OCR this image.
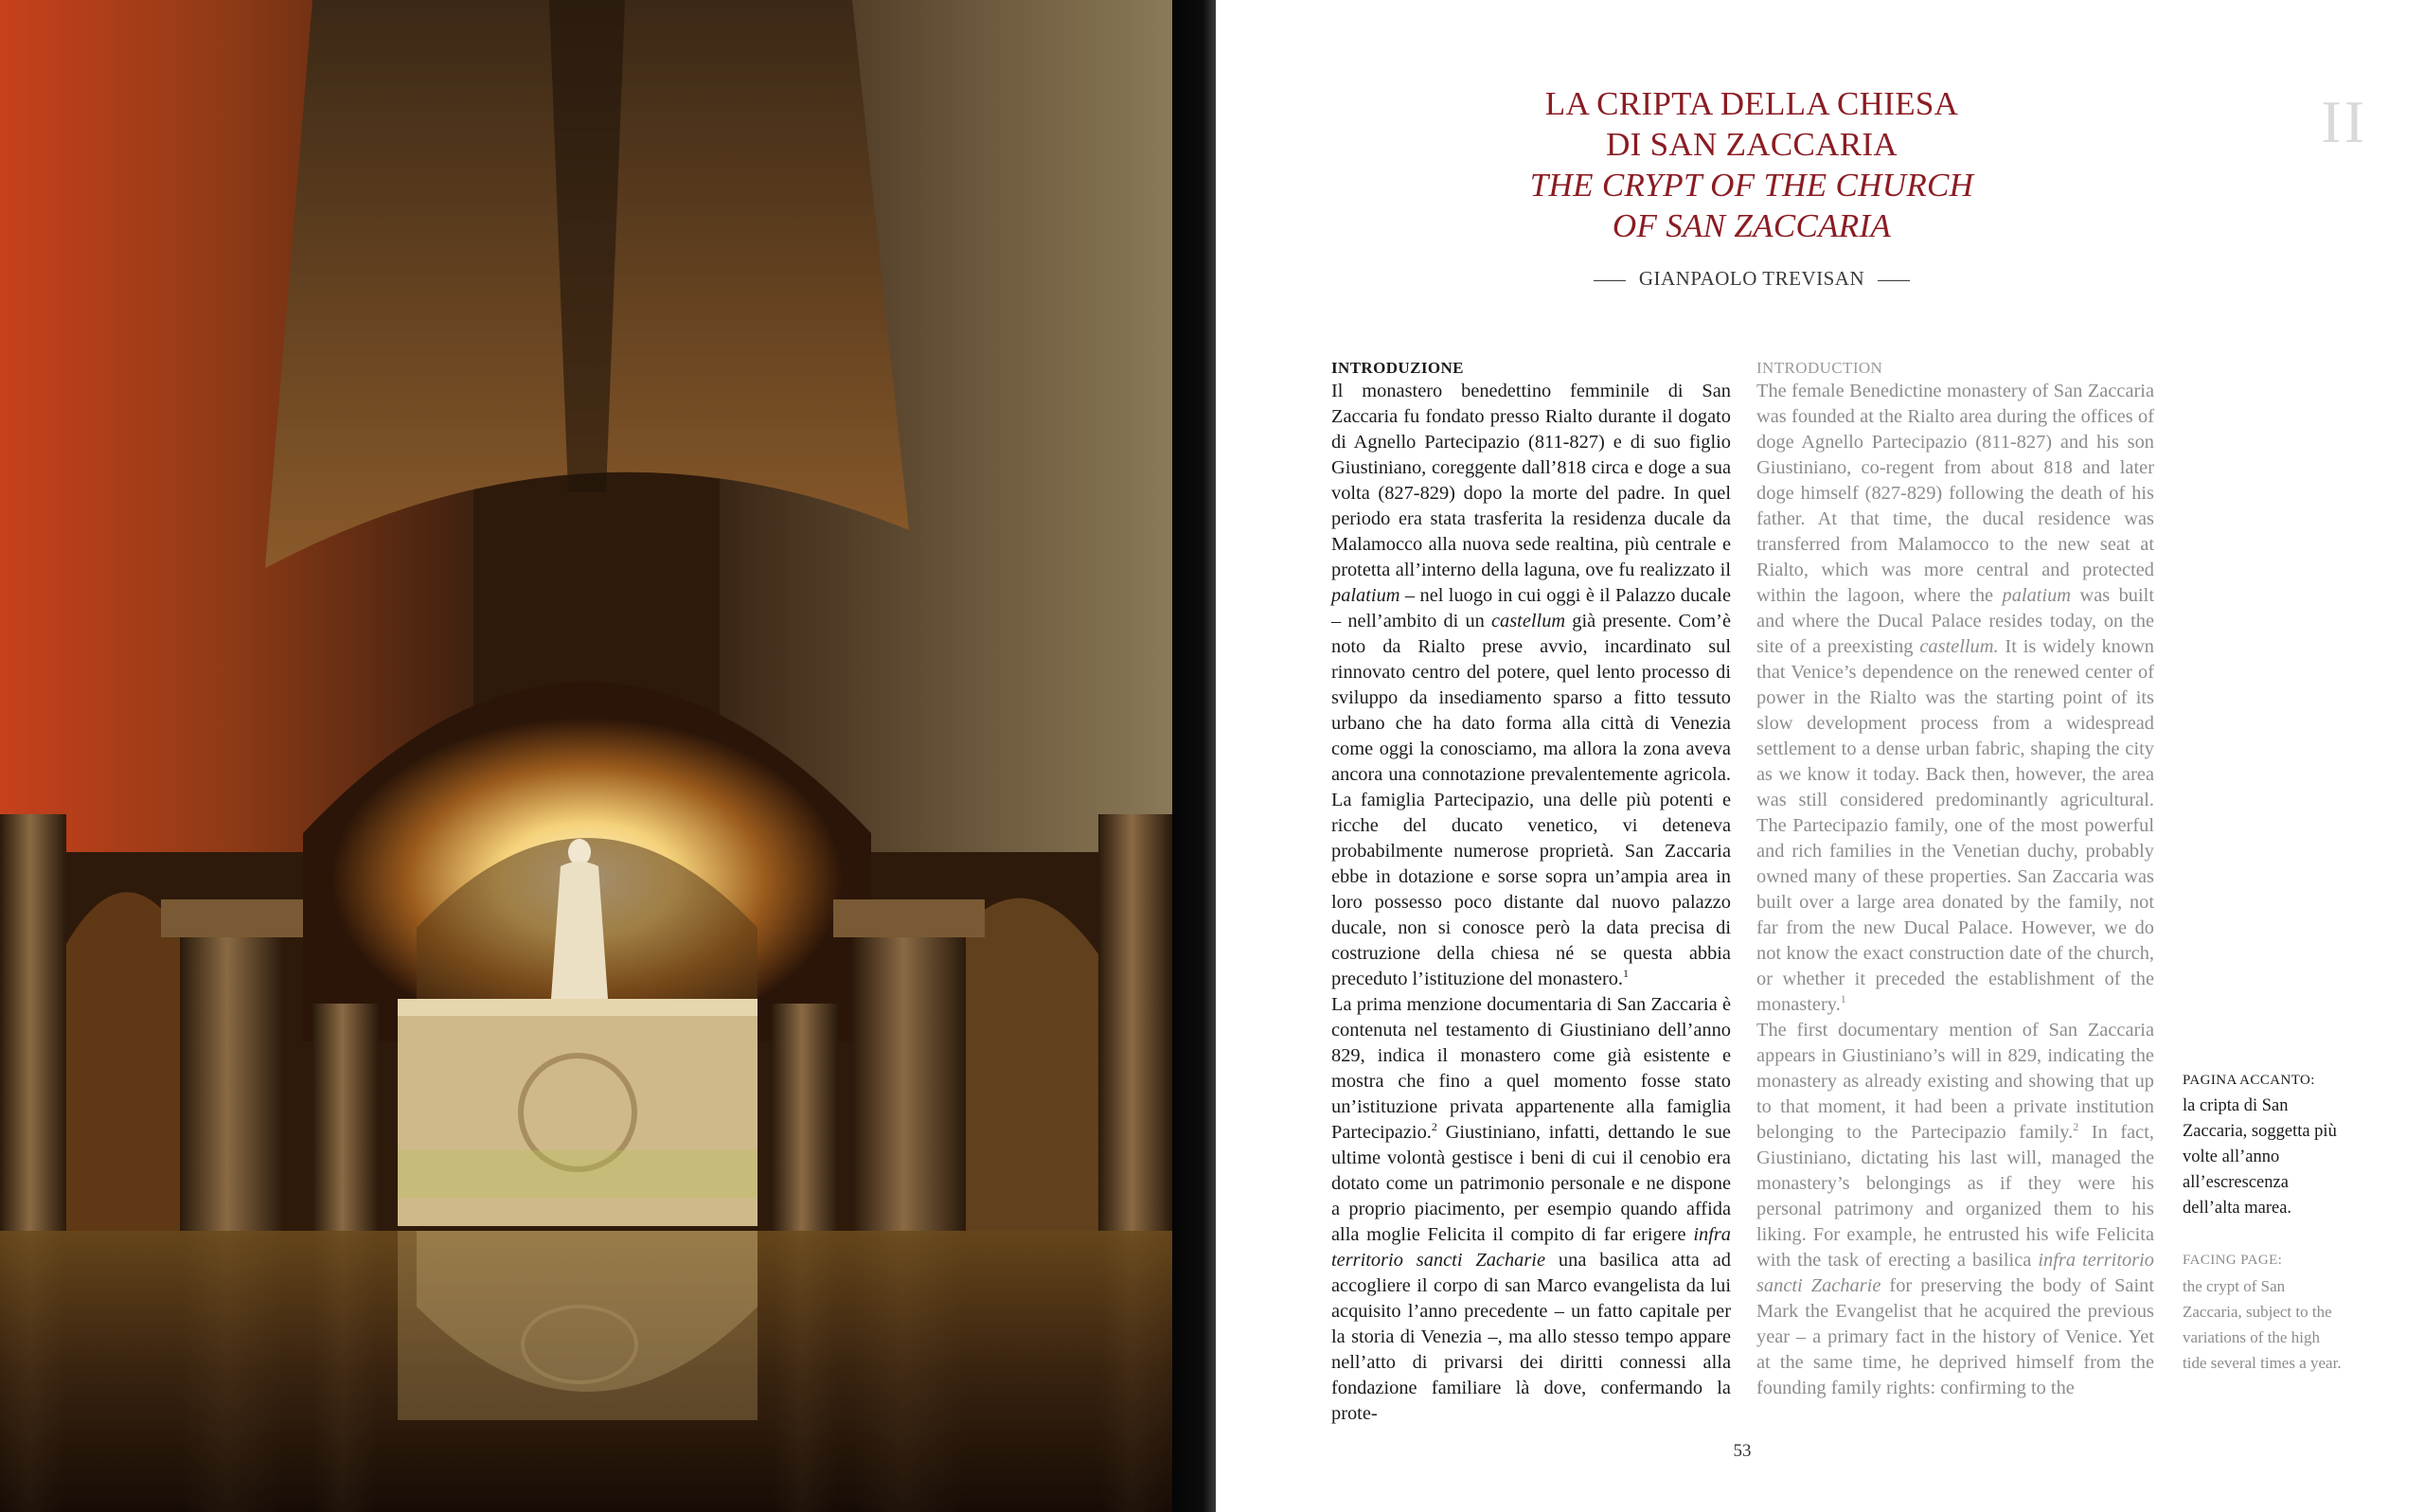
LA CRIPTA DELLA CHIESA
DI SAN ZACCARIA
THE CRYPT OF THE CHURCH
OF SAN ZACCARIA
GIANPAOLO TREVISAN
II
INTRODUZIONE

Il monastero benedettino femminile di San Zaccaria fu fondato presso Rialto durante il dogato di Agnello Partecipazio (811-827) e di suo figlio Giustiniano, coreggente dall’818 circa e doge a sua volta (827-829) dopo la morte del padre. In quel periodo era stata trasferita la residenza ducale da Malamocco alla nuova sede realtina, più centrale e protetta all’interno della laguna, ove fu realizzato il palatium – nel luogo in cui oggi è il Palazzo ducale – nell’ambito di un castellum già presente. Com’è noto da Rialto prese avvio, incardinato sul rinnovato centro del potere, quel lento processo di sviluppo da insediamento sparso a fitto tessuto urbano che ha dato forma alla città di Venezia come oggi la conosciamo, ma allora la zona aveva ancora una connotazione prevalentemente agricola. La famiglia Partecipazio, una delle più potenti e ricche del ducato venetico, vi deteneva probabilmente numerose proprietà. San Zaccaria ebbe in dotazione e sorse sopra un’ampia area in loro possesso poco distante dal nuovo palazzo ducale, non si conosce però la data precisa di costruzione della chiesa né se questa abbia preceduto l’istituzione del monastero.$^1$

La prima menzione documentaria di San Zaccaria è contenuta nel testamento di Giustiniano dell’anno 829, indica il monastero come già esistente e mostra che fino a quel momento fosse stato un’istituzione privata appartenente alla famiglia Partecipazio.$^2$ Giustiniano, infatti, dettando le sue ultime volontà gestisce i beni di cui il cenobio era dotato come un patrimonio personale e ne dispone a proprio piacimento, per esempio quando affida alla moglie Felicita il compito di far erigere infra territorio sancti Zacharie una basilica atta ad accogliere il corpo di san Marco evangelista da lui acquisito l’anno precedente – un fatto capitale per la storia di Venezia –, ma allo stesso tempo appare nell’atto di privarsi dei diritti connessi alla fondazione familiare là dove, confermando la prote-

INTRODUCTION

The female Benedictine monastery of San Zaccaria was founded at the Rialto area during the offices of doge Agnello Partecipazio (811-827) and his son Giustiniano, co-regent from about 818 and later doge himself (827-829) following the death of his father. At that time, the ducal residence was transferred from Malamocco to the new seat at Rialto, which was more central and protected within the lagoon, where the palatium was built and where the Ducal Palace resides today, on the site of a preexisting castellum. It is widely known that Venice’s dependence on the renewed center of power in the Rialto was the starting point of its slow development process from a widespread settlement to a dense urban fabric, shaping the city as we know it today. Back then, however, the area was still considered predominantly agricultural. The Partecipazio family, one of the most powerful and rich families in the Venetian duchy, probably owned many of these properties. San Zaccaria was built over a large area donated by the family, not far from the new Ducal Palace. However, we do not know the exact construction date of the church, or whether it preceded the establishment of the monastery.$^1$

The first documentary mention of San Zaccaria appears in Giustiniano’s will in 829, indicating the monastery as already existing and showing that up to that moment, it had been a private institution belonging to the Partecipazio family.$^2$ In fact, Giustiniano, dictating his last will, managed the monastery’s belongings as if they were his personal patrimony and organized them to his liking. For example, he entrusted his wife Felicita with the task of erecting a basilica infra territorio sancti Zacharie for preserving the body of Saint Mark the Evangelist that he acquired the previous year – a primary fact in the history of Venice. Yet at the same time, he deprived himself from the founding family rights: confirming to the

PAGINA ACCANTO:
la cripta di San Zaccaria, soggetta più volte all’anno all’escrescenza dell’alta marea.
FACING PAGE:
the crypt of San Zaccaria, subject to the variations of the high tide several times a year.
53
